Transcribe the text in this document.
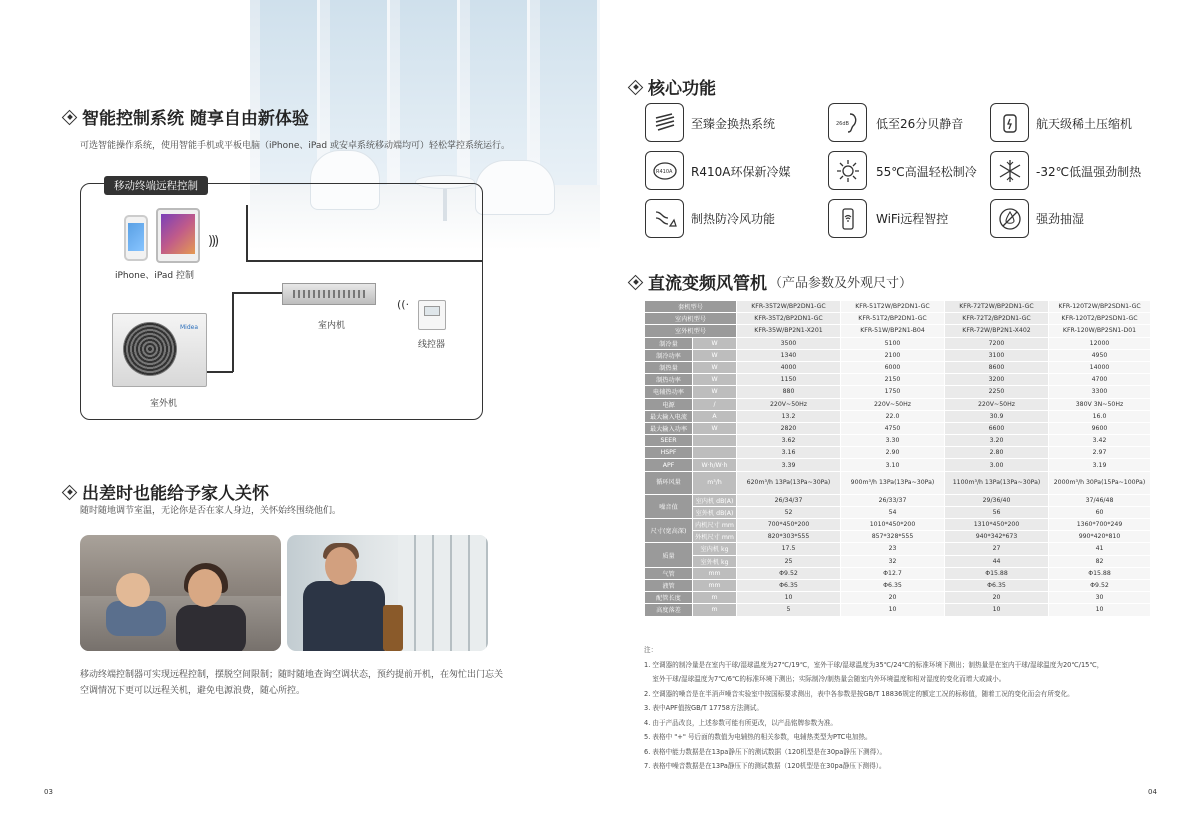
智能控制系统 随享自由新体验
可选智能操作系统，使用智能手机或平板电脑（iPhone、iPad 或安卓系统移动端均可）轻松掌控系统运行。
移动终端远程控制
)))
iPhone、iPad 控制
室内机
((·
线控器
Midea
室外机
出差时也能给予家人关怀
随时随地调节室温，无论你是否在家人身边，关怀始终围绕他们。
移动终端控制器可实现远程控制，摆脱空间限制；随时随地查询空调状态，预约提前开机，在匆忙出门忘关
空调情况下更可以远程关机，避免电源浪费，随心所控。
03
核心功能
至臻金换热系统	26dB 低至26分贝静音	航天级稀土压缩机
R410A R410A环保新冷媒	55℃高温轻松制冷	-32℃低温强劲制热
制热防冷风功能	WiFi远程智控	强劲抽湿
直流变频风管机 （产品参数及外观尺寸）
套机型号		KFR-35T2W/BP2DN1-GC	KFR-51T2W/BP2DN1-GC	KFR-72T2W/BP2DN1-GC	KFR-120T2W/BP2SDN1-GC
室内机型号		KFR-35T2/BP2DN1-GC	KFR-51T2/BP2DN1-GC	KFR-72T2/BP2DN1-GC	KFR-120T2/BP2SDN1-GC
室外机型号		KFR-35W/BP2N1-X201	KFR-51W/BP2N1-B04	KFR-72W/BP2N1-X402	KFR-120W/BP2SN1-D01
制冷量	W	3500	5100	7200	12000
制冷功率	W	1340	2100	3100	4950
制热量	W	4000	6000	8600	14000
制热功率	W	1150	2150	3200	4700
电辅热功率	W	880	1750	2250	3300
电源	/	220V~50Hz	220V~50Hz	220V~50Hz	380V 3N~50Hz
最大输入电流	A	13.2	22.0	30.9	16.0
最大输入功率	W	2820	4750	6600	9600
SEER		3.62	3.30	3.20	3.42
HSPF		3.16	2.90	2.80	2.97
APF	W·h/W·h	3.39	3.10	3.00	3.19
循环风量	m³/h	620m³/h 13Pa(13Pa~30Pa)	900m³/h 13Pa(13Pa~30Pa)	1100m³/h 13Pa(13Pa~30Pa)	2000m³/h 30Pa(15Pa~100Pa)
噪音值	室内机 dB(A)	26/34/37	26/33/37	29/36/40	37/46/48
	室外机 dB(A)	52	54	56	60
尺寸(宽高深)	内机尺寸 mm	700*450*200	1010*450*200	1310*450*200	1360*700*249
	外机尺寸 mm	820*303*555	857*328*555	940*342*673	990*420*810
质量	室内机 kg	17.5	23	27	41
	室外机 kg	25	32	44	82
气管	mm	Φ9.52	Φ12.7	Φ15.88	Φ15.88
液管	mm	Φ6.35	Φ6.35	Φ6.35	Φ9.52
配管长度	m	10	20	20	30
高度落差	m	5	10	10	10
注：
1. 空调器的制冷量是在室内干球/湿球温度为27℃/19℃，室外干球/湿球温度为35℃/24℃的标准环境下测出；制热量是在室内干球/湿球温度为20℃/15℃，
室外干球/湿球温度为7℃/6℃的标准环境下测出；实际制冷/制热量会随室内外环境温度和相对湿度的变化而增大或减小。
2. 空调器的噪音是在半消声噪音实验室中按国标要求测出，表中各参数是按GB/T 18836规定的额定工况的标称值，随着工况的变化而会有所变化。
3. 表中APF值按GB/T 17758方法测试。
4. 由于产品改良，上述参数可能有所更改，以产品铭牌参数为准。
5. 表格中 "+" 号后面的数值为电辅热的相关参数，电辅热类型为PTC电加热。
6. 表格中能力数据是在13pa静压下的测试数据（120机型是在30pa静压下测得）。
7. 表格中噪音数据是在13Pa静压下的测试数据（120机型是在30pa静压下测得）。
04
